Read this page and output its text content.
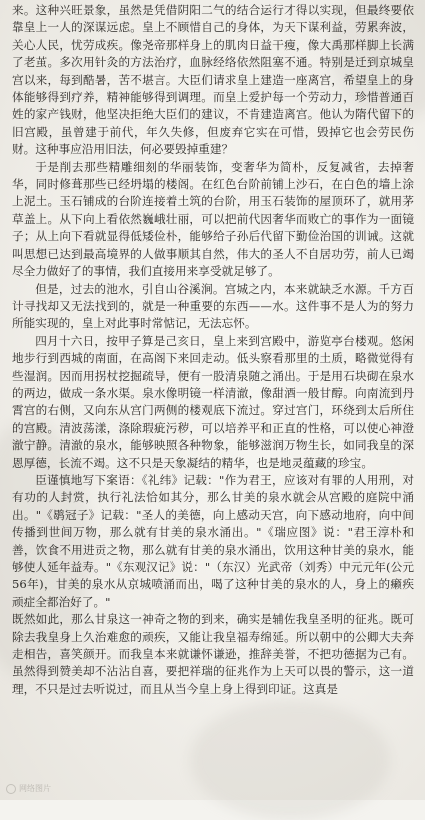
来。这种兴旺景象，虽然是凭借阴阳二气的结合运行才得以实现，但最终要依靠皇上一人的深谋远虑。皇上不顾惜自己的身体，为天下谋利益，劳累奔波，关心人民，忧劳成疾。像尧帝那样身上的肌肉日益干瘦，像大禹那样脚上长满了老茧。多次用针灸的方法治疗，血脉经络依然阻塞不通。特别是迁到京城皇宫以来，每到酷暑，苦不堪言。大臣们请求皇上建造一座离宫，希望皇上的身体能够得到疗养，精神能够得到调理。而皇上爱护每一个劳动力，珍惜普通百姓的家产钱财，他坚决拒绝大臣们的建议，不肯建造离宫。他认为隋代留下的旧宫殿，虽曾建于前代，年久失修，但废弃它实在可惜，毁掉它也会劳民伤财。这种事应沿用旧法，何必要毁掉重建？

于是削去那些精雕细刻的华丽装饰，变奢华为简朴，反复减省，去掉奢华，同时修葺那些已经坍塌的楼阁。在红色台阶前铺上沙石，在白色的墙上涂上泥土。玉石铺成的台阶连接着土筑的台阶，用玉石装饰的屋顶环了，就用茅草盖上。从下向上看依然巍峨壮丽，可以把前代因奢华而败亡的事作为一面镜子；从上向下看就显得低矮俭朴，能够给子孙后代留下勤俭治国的训诫。这就叫思想已达到最高境界的人做事顺其自然，伟大的圣人不自居功劳，前人已竭尽全力做好了的事情，我们直接用来享受就足够了。

但是，过去的池水，引自山谷溪涧。宫城之内，本来就缺乏水源。千方百计寻找却又无法找到的，就是一种重要的东西——水。这件事不是人为的努力所能实现的，皇上对此事时常惦记，无法忘怀。

四月十六日，按甲子算是己亥日，皇上来到宫殿中，游览亭台楼观。悠闲地步行到西城的南面，在高阁下来回走动。低头察看那里的土质，略微觉得有些湿润。因而用拐杖挖掘疏导，便有一股清泉随之涌出。于是用石块砌在泉水的两边，做成一条水渠。泉水像明镜一样清澈，像甜酒一般甘醇。向南流到丹霄宫的右侧，又向东从宫门两侧的楼观底下流过。穿过宫门，环绕到太后所住的宫殿。清波荡漾，涤除瑕疵污秽，可以培养平和正直的性格，可以使心神澄澈宁静。清澈的泉水，能够映照各种物象，能够滋润万物生长，如同我皇的深恩厚德，长流不竭。这不只是天象凝结的精华，也是地灵蕴藏的珍宝。

臣谨慎地写下案语：《礼纬》记载："作为君王，应该对有罪的人用刑，对有功的人封赏，执行礼法恰如其分，那么甘美的泉水就会从宫殿的庭院中涌出。"《鹖冠子》记载："圣人的美德，向上感动天宫，向下感动地府，向中间传播到世间万物，那么就有甘美的泉水涌出。"《瑞应图》说："君王淳朴和善，饮食不用进贡之物，那么就有甘美的泉水涌出，饮用这种甘美的泉水，能够使人延年益寿。"《东观汉记》说："（东汉）光武帝（刘秀）中元元年(公元56年)，甘美的泉水从京城喷涌而出，喝了这种甘美的泉水的人，身上的癞疾顽症全都治好了。"

既然如此，那么甘泉这一神奇之物的到来，确实是辅佐我皇圣明的征兆。既可除去我皇身上久治难愈的顽疾，又能让我皇福寿绵延。所以朝中的公卿大夫奔走相告，喜笑颜开。而我皇本来就谦怀谦逊，推辞美誉，不把功德据为己有。虽然得到赞美却不沾沾自喜，要把祥瑞的征兆作为上天可以畏的警示，这一道理，不只是过去听说过，而且从当今皇上身上得到印证。这真是

网络图片
